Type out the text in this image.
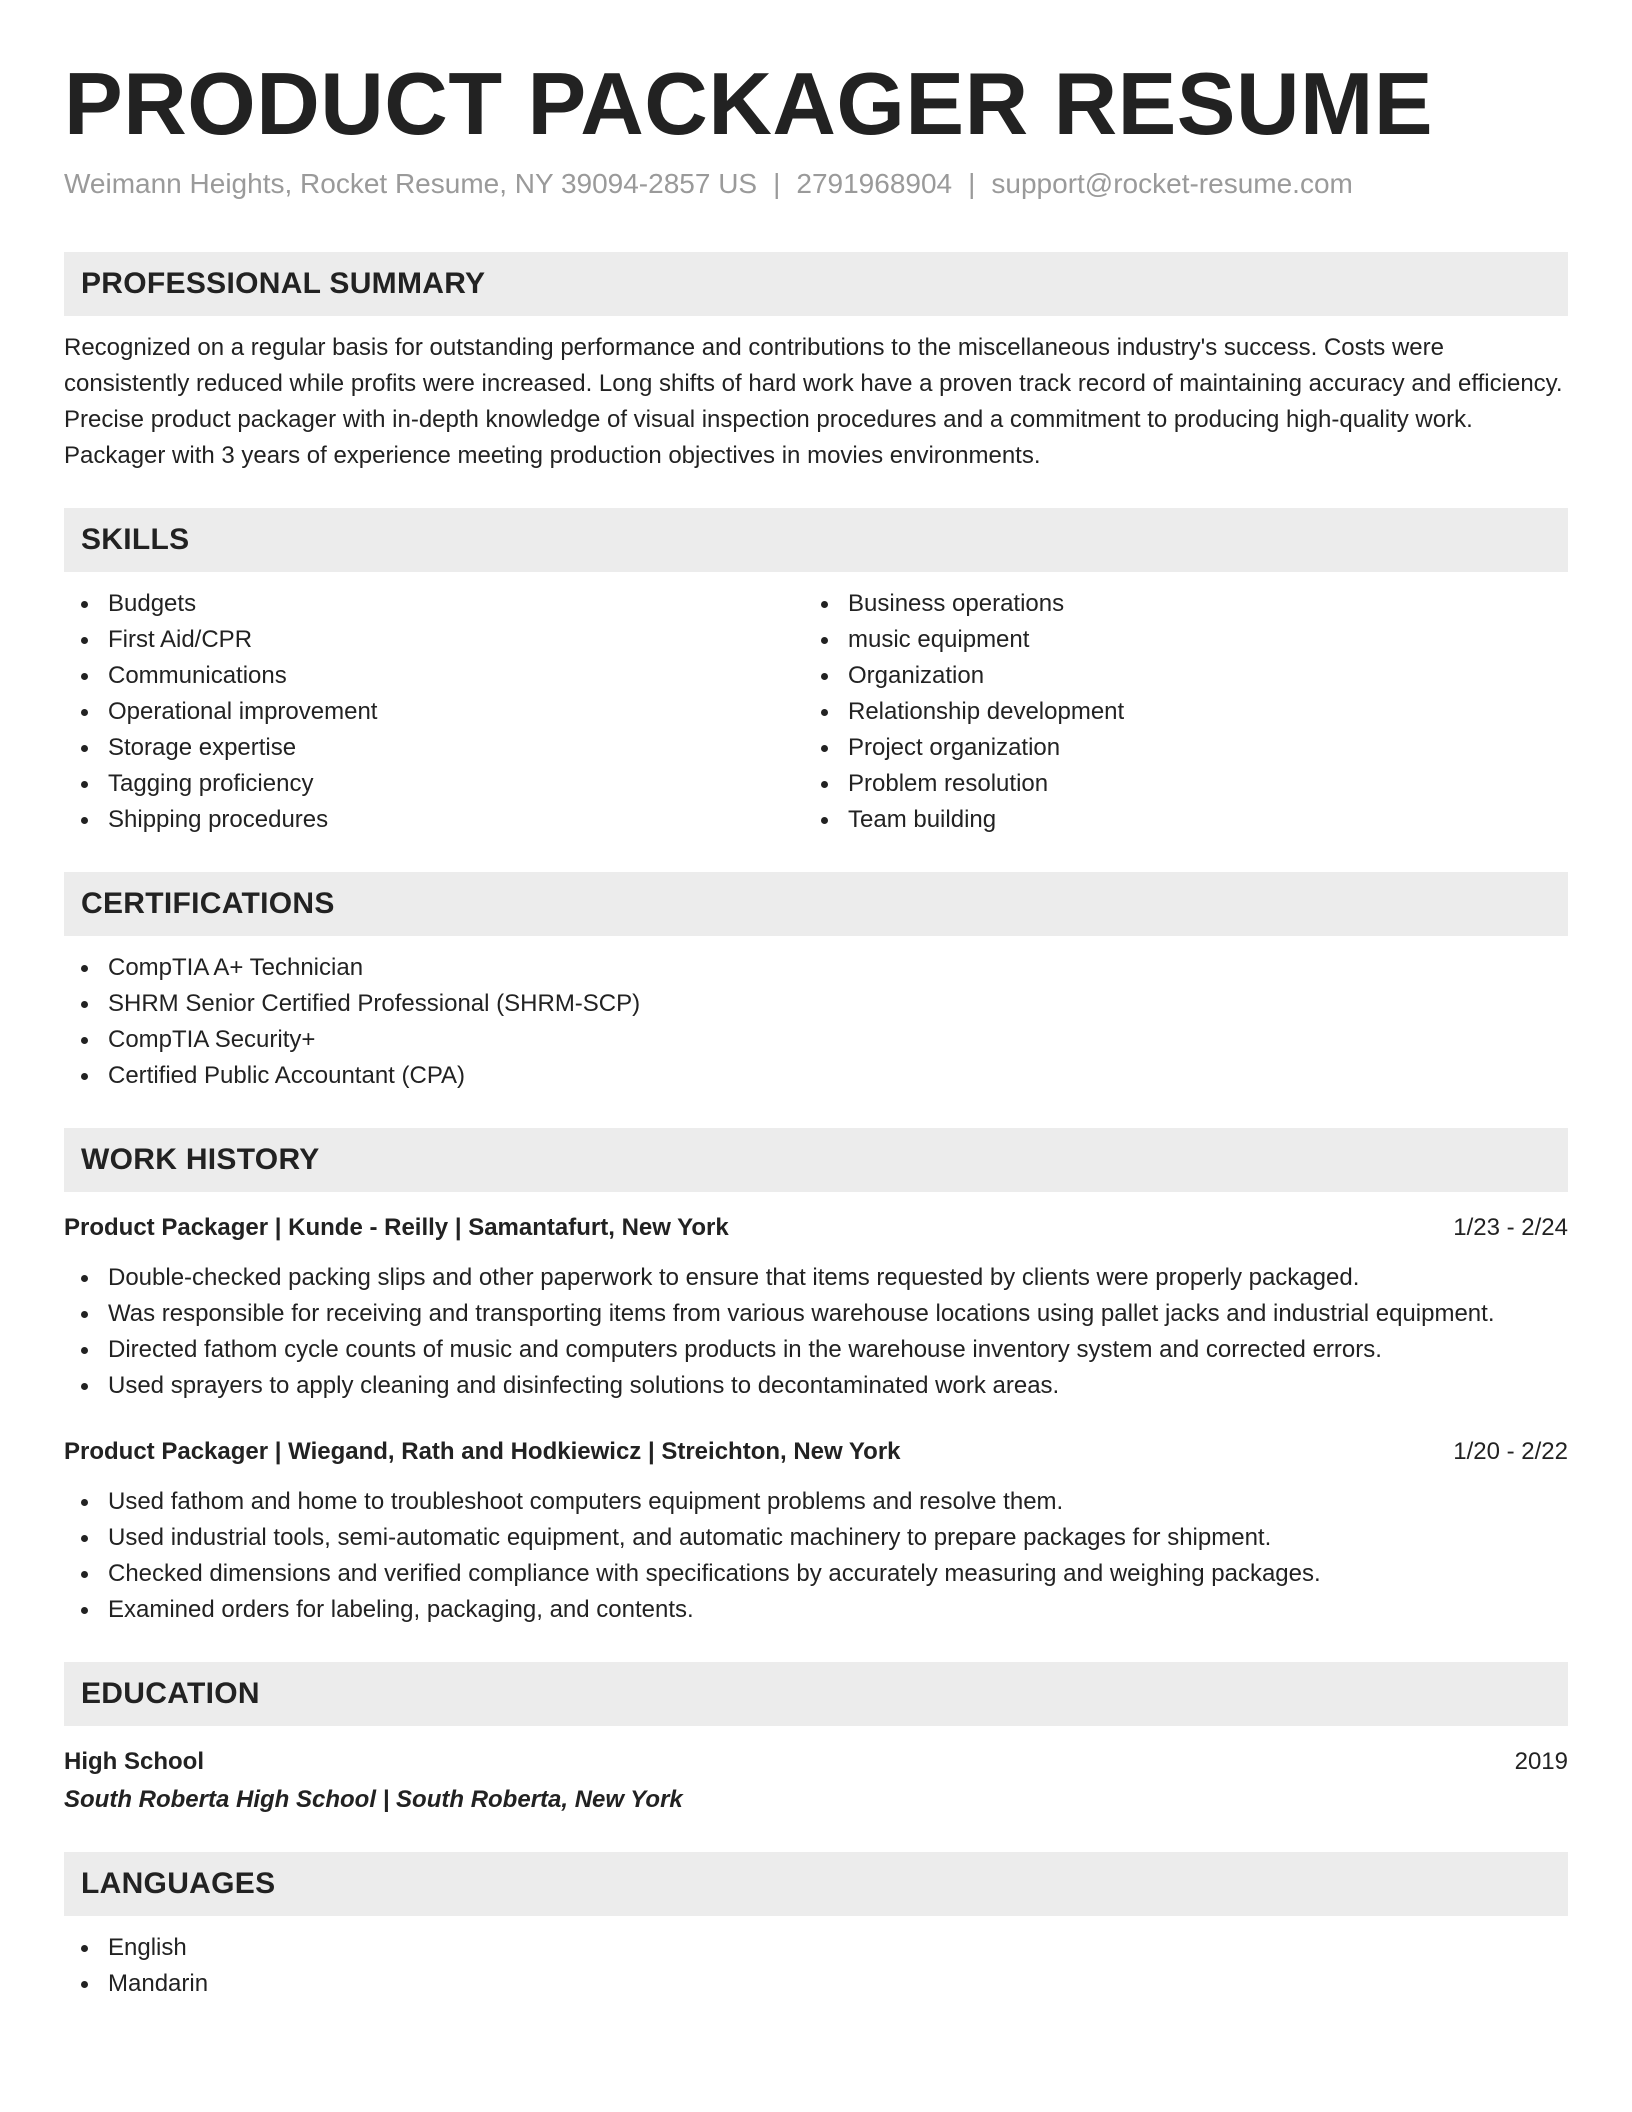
PRODUCT PACKAGER RESUME
Weimann Heights, Rocket Resume, NY 39094-2857 US | 2791968904 | support@rocket-resume.com
PROFESSIONAL SUMMARY

Recognized on a regular basis for outstanding performance and contributions to the miscellaneous industry's success. Costs were consistently reduced while profits were increased. Long shifts of hard work have a proven track record of maintaining accuracy and efficiency. Precise product packager with in-depth knowledge of visual inspection procedures and a commitment to producing high-quality work. Packager with 3 years of experience meeting production objectives in movies environments.

SKILLS
Budgets
First Aid/CPR
Communications
Operational improvement
Storage expertise
Tagging proficiency
Shipping procedures
Business operations
music equipment
Organization
Relationship development
Project organization
Problem resolution
Team building
CERTIFICATIONS
CompTIA A+ Technician
SHRM Senior Certified Professional (SHRM-SCP)
CompTIA Security+
Certified Public Accountant (CPA)
WORK HISTORY
Product Packager | Kunde - Reilly | Samantafurt, New York	1/23 - 2/24
Double-checked packing slips and other paperwork to ensure that items requested by clients were properly packaged.
Was responsible for receiving and transporting items from various warehouse locations using pallet jacks and industrial equipment.
Directed fathom cycle counts of music and computers products in the warehouse inventory system and corrected errors.
Used sprayers to apply cleaning and disinfecting solutions to decontaminated work areas.
Product Packager | Wiegand, Rath and Hodkiewicz | Streichton, New York	1/20 - 2/22
Used fathom and home to troubleshoot computers equipment problems and resolve them.
Used industrial tools, semi-automatic equipment, and automatic machinery to prepare packages for shipment.
Checked dimensions and verified compliance with specifications by accurately measuring and weighing packages.
Examined orders for labeling, packaging, and contents.
EDUCATION
High School	2019
South Roberta High School | South Roberta, New York
LANGUAGES
English
Mandarin
